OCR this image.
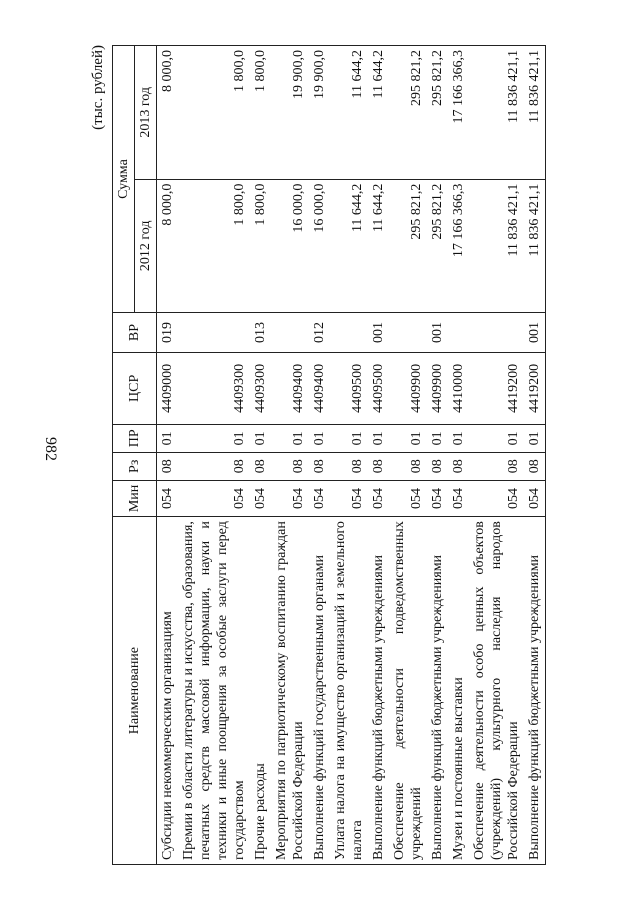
982
(тыс. рублей)
Наименование	Мин	Рз	ПР	ЦСР	ВР	Сумма	
						2012 год	2013 год
Субсидии некоммерческим организациям	054	08	01	4409000	019	8 000,0	8 000,0
Премии в области литературы и искусства, образования, печатных средств массовой информации, науки и техники и иные поощрения за особые заслуги перед государством	054	08	01	4409300		1 800,0	1 800,0
Прочие расходы	054	08	01	4409300	013	1 800,0	1 800,0
Мероприятия по патриотическому воспитанию граждан Российской Федерации	054	08	01	4409400		16 000,0	19 900,0
Выполнение функций государственными органами	054	08	01	4409400	012	16 000,0	19 900,0
Уплата налога на имущество организаций и земельного налога	054	08	01	4409500		11 644,2	11 644,2
Выполнение функций бюджетными учреждениями	054	08	01	4409500	001	11 644,2	11 644,2
Обеспечение деятельности подведомственных учреждений	054	08	01	4409900		295 821,2	295 821,2
Выполнение функций бюджетными учреждениями	054	08	01	4409900	001	295 821,2	295 821,2
Музеи и постоянные выставки	054	08	01	4410000		17 166 366,3	17 166 366,3
Обеспечение деятельности особо ценных объектов (учреждений) культурного наследия народов Российской Федерации	054	08	01	4419200		11 836 421,1	11 836 421,1
Выполнение функций бюджетными учреждениями	054	08	01	4419200	001	11 836 421,1	11 836 421,1
